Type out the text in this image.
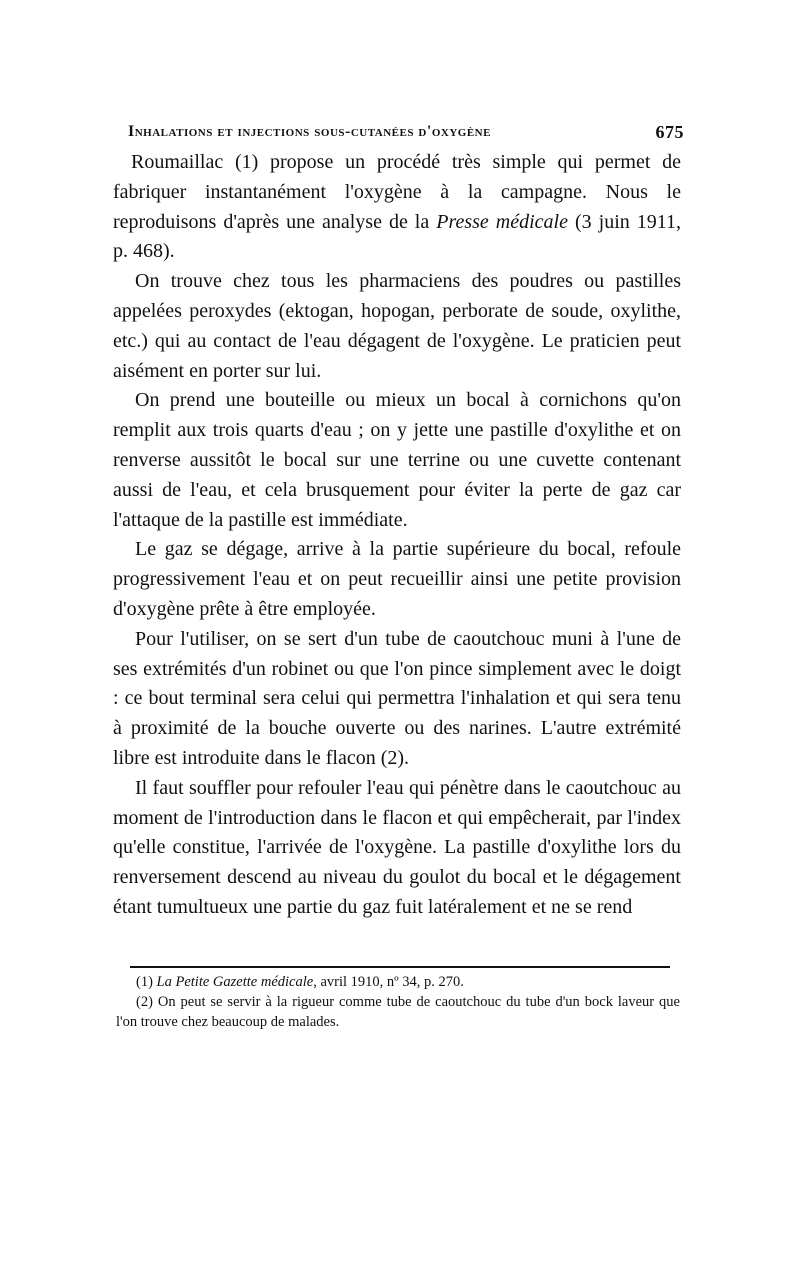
Inhalations et injections sous-cutanées d'oxygène	675

Roumaillac (1) propose un procédé très simple qui permet de fabriquer instantanément l'oxygène à la campagne. Nous le reproduisons d'après une analyse de la Presse médicale (3 juin 1911, p. 468).

On trouve chez tous les pharmaciens des poudres ou pastilles appelées peroxydes (ektogan, hopogan, perborate de soude, oxylithe, etc.) qui au contact de l'eau dégagent de l'oxygène. Le praticien peut aisément en porter sur lui.

On prend une bouteille ou mieux un bocal à cornichons qu'on remplit aux trois quarts d'eau ; on y jette une pastille d'oxylithe et on renverse aussitôt le bocal sur une terrine ou une cuvette contenant aussi de l'eau, et cela brusquement pour éviter la perte de gaz car l'attaque de la pastille est immédiate.

Le gaz se dégage, arrive à la partie supérieure du bocal, refoule progressivement l'eau et on peut recueillir ainsi une petite provision d'oxygène prête à être employée.

Pour l'utiliser, on se sert d'un tube de caoutchouc muni à l'une de ses extrémités d'un robinet ou que l'on pince simplement avec le doigt : ce bout terminal sera celui qui permettra l'inhalation et qui sera tenu à proximité de la bouche ouverte ou des narines. L'autre extrémité libre est introduite dans le flacon (2).

Il faut souffler pour refouler l'eau qui pénètre dans le caoutchouc au moment de l'introduction dans le flacon et qui empêcherait, par l'index qu'elle constitue, l'arrivée de l'oxygène. La pastille d'oxylithe lors du renversement descend au niveau du goulot du bocal et le dégagement étant tumultueux une partie du gaz fuit latéralement et ne se rend

(1) La Petite Gazette médicale, avril 1910, nº 34, p. 270.

(2) On peut se servir à la rigueur comme tube de caoutchouc du tube d'un bock laveur que l'on trouve chez beaucoup de malades.
